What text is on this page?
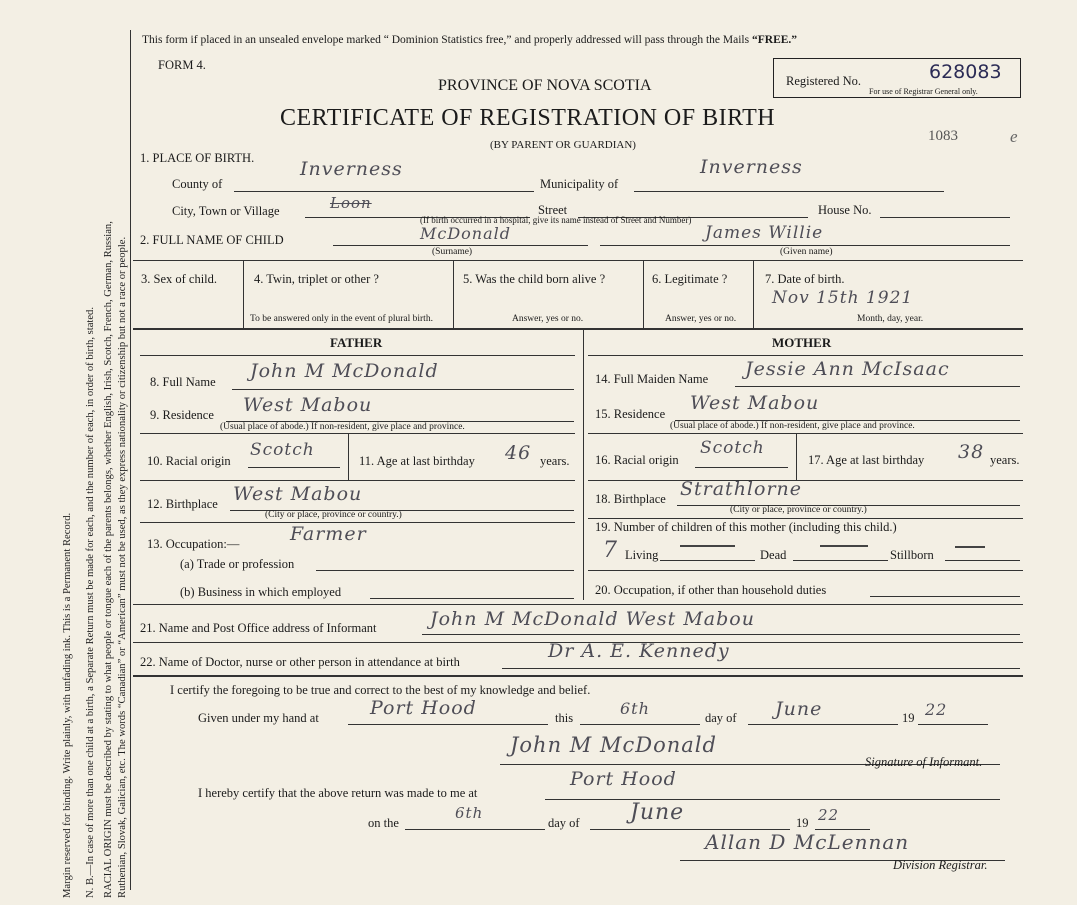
Margin reserved for binding. Write plainly, with unfading ink. This is a Permanent Record. N. B.—In case of more than one child at a birth, a Separate Return must be made for each, and the number of each, in order of birth, stated. RACIAL ORIGIN must be described by stating to what people or tongue each of the parents belongs, whether English, Irish, Scotch, French, German, Russian, Ruthenian, Slovak, Galician, etc. The words “Canadian” or “American” must not be used, as they express nationality or citizenship but not a race or people.
This form if placed in an unsealed envelope marked “ Dominion Statistics free,” and properly addressed will pass through the Mails “FREE.”
FORM 4.
PROVINCE OF NOVA SCOTIA
CERTIFICATE OF REGISTRATION OF BIRTH
(BY PARENT OR GUARDIAN)
Registered No.	628083
For use of Registrar General only.
1083	e
1. PLACE OF BIRTH.
County of
Inverness
Municipality of
Inverness
City, Town or Village	Loon	Street
(If birth occurred in a hospital, give its name instead of Street and Number)
House No.
2. FULL NAME OF CHILD	McDonald
(Surname)
James Willie
(Given name)
3. Sex of child.	4. Twin, triplet or other ?
To be answered only in the event of plural birth.
5. Was the child born alive ?
Answer, yes or no.
6. Legitimate ?
Answer, yes or no.
7. Date of birth.
Nov 15th 1921
Month, day, year.
FATHER	MOTHER
8. Full Name John M McDonald
9. Residence West Mabou
(Usual place of abode.) If non-resident, give place and province.
10. Racial origin
Scotch
11. Age at last birthday 46 years.
12. Birthplace West Mabou
(City or place, province or country.)
13. Occupation:—	Farmer
(a) Trade or profession
(b) Business in which employed
14. Full Maiden Name Jessie Ann McIsaac
15. Residence West Mabou
(Usual place of abode.) If non-resident, give place and province.
16. Racial origin
Scotch
17. Age at last birthday 38 years.
18. Birthplace Strathlorne
(City or place, province or country.)
19. Number of children of this mother (including this child.)
7 Living	Dead	Stillborn
20. Occupation, if other than household duties
21. Name and Post Office address of Informant	John M McDonald West Mabou
22. Name of Doctor, nurse or other person in attendance at birth	Dr A. E. Kennedy
I certify the foregoing to be true and correct to the best of my knowledge and belief.
Given under my hand at	Port Hood	this	6th	day of June	19 22
John M McDonald
Signature of Informant.
I hereby certify that the above return was made to me at
Port Hood
on the
6th
day of June	19 22
Allan D McLennan
Division Registrar.
